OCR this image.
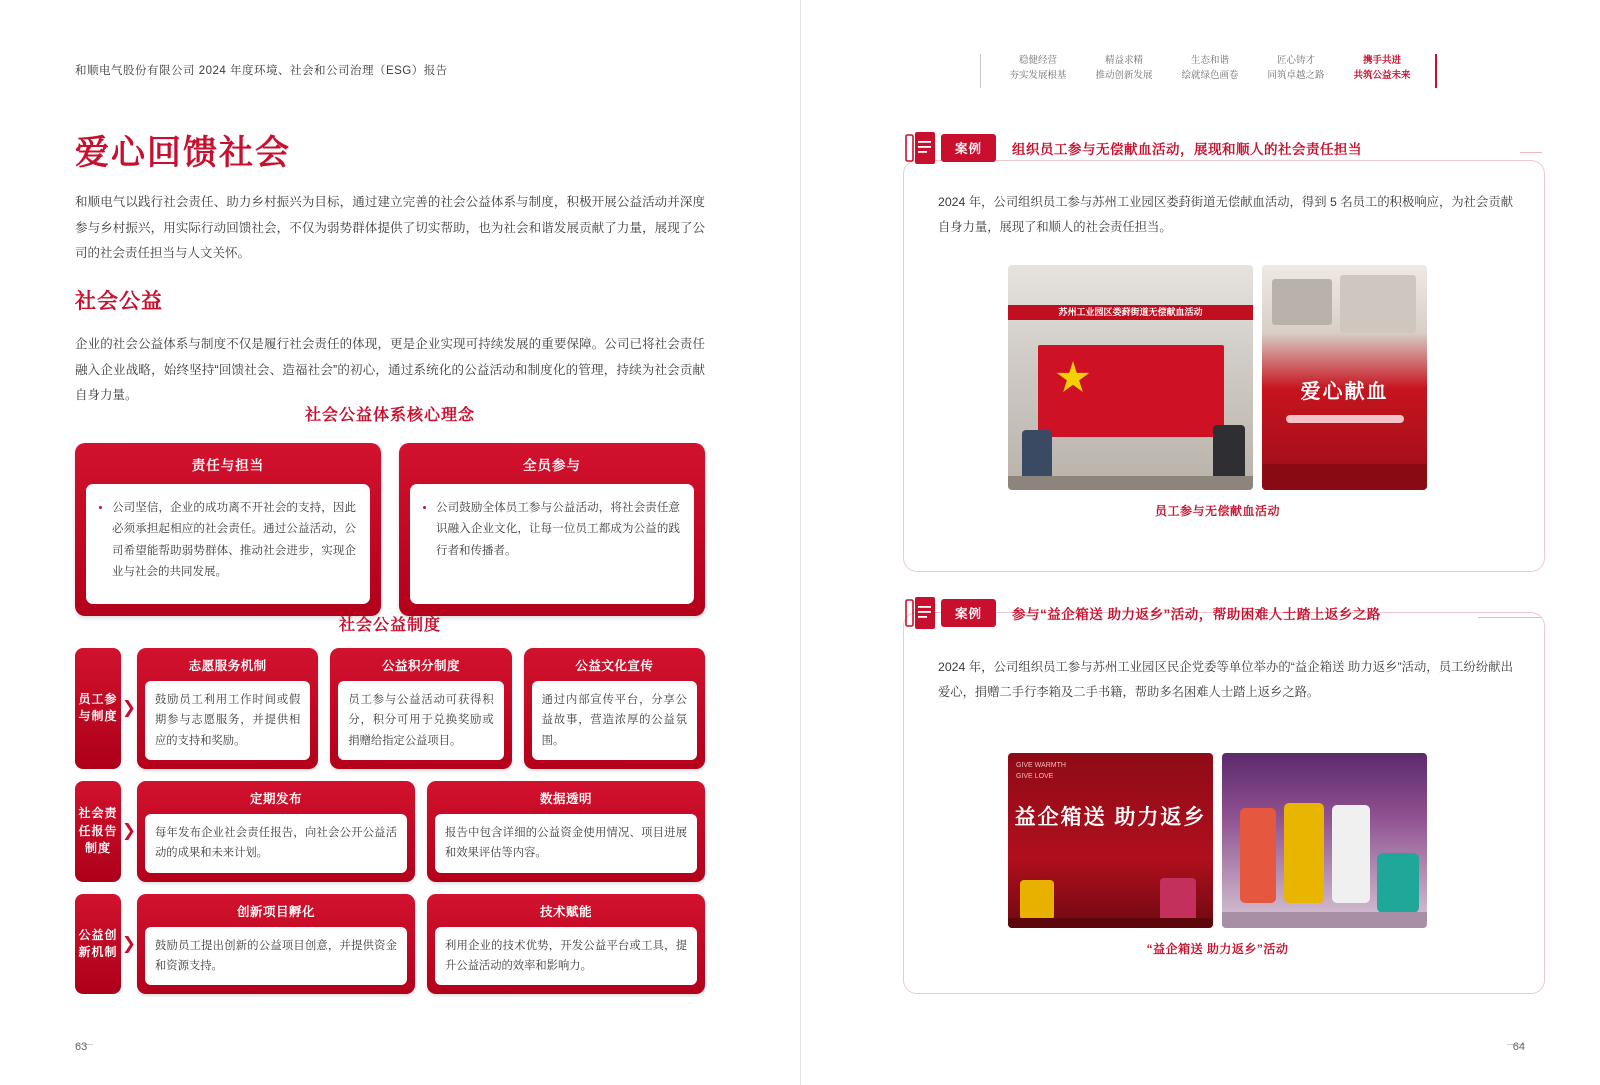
和顺电气股份有限公司 2024 年度环境、社会和公司治理（ESG）报告
稳健经营
夯实发展根基
精益求精
推动创新发展
生态和谐
绘就绿色画卷
匠心铸才
同筑卓越之路
携手共进
共筑公益未来
爱心回馈社会
和顺电气以践行社会责任、助力乡村振兴为目标，通过建立完善的社会公益体系与制度，积极开展公益活动并深度参与乡村振兴，用实际行动回馈社会，不仅为弱势群体提供了切实帮助，也为社会和谐发展贡献了力量，展现了公司的社会责任担当与人文关怀。
社会公益
企业的社会公益体系与制度不仅是履行社会责任的体现，更是企业实现可持续发展的重要保障。公司已将社会责任融入企业战略，始终坚持“回馈社会、造福社会”的初心，通过系统化的公益活动和制度化的管理，持续为社会贡献自身力量。
社会公益体系核心理念
责任与担当
• 公司坚信，企业的成功离不开社会的支持，因此必须承担起相应的社会责任。通过公益活动，公司希望能帮助弱势群体、推动社会进步，实现企业与社会的共同发展。
全员参与
• 公司鼓励全体员工参与公益活动，将社会责任意识融入企业文化，让每一位员工都成为公益的践行者和传播者。
社会公益制度
员工参与制度 ❯
志愿服务机制
鼓励员工利用工作时间或假期参与志愿服务，并提供相应的支持和奖励。
公益积分制度
员工参与公益活动可获得积分，积分可用于兑换奖励或捐赠给指定公益项目。
公益文化宣传
通过内部宣传平台，分享公益故事，营造浓厚的公益氛围。
社会责任报告制度
❯
定期发布
每年发布企业社会责任报告，向社会公开公益活动的成果和未来计划。
数据透明
报告中包含详细的公益资金使用情况、项目进展和效果评估等内容。
公益创新机制 ❯
创新项目孵化
鼓励员工提出创新的公益项目创意，并提供资金和资源支持。
技术赋能
利用企业的技术优势，开发公益平台或工具，提升公益活动的效率和影响力。
案例	组织员工参与无偿献血活动，展现和顺人的社会责任担当
2024 年，公司组织员工参与苏州工业园区娄葑街道无偿献血活动，得到 5 名员工的积极响应，为社会贡献自身力量，展现了和顺人的社会责任担当。
苏州工业园区娄葑街道无偿献血活动
爱心献血
员工参与无偿献血活动
案例	参与“益企箱送 助力返乡”活动，帮助困难人士踏上返乡之路
2024 年，公司组织员工参与苏州工业园区民企党委等单位举办的“益企箱送 助力返乡”活动，员工纷纷献出爱心，捐赠二手行李箱及二手书籍，帮助多名困难人士踏上返乡之路。
GIVE WARMTH
GIVE LOVE
益企箱送 助力返乡
“益企箱送 助力返乡”活动
63	64
